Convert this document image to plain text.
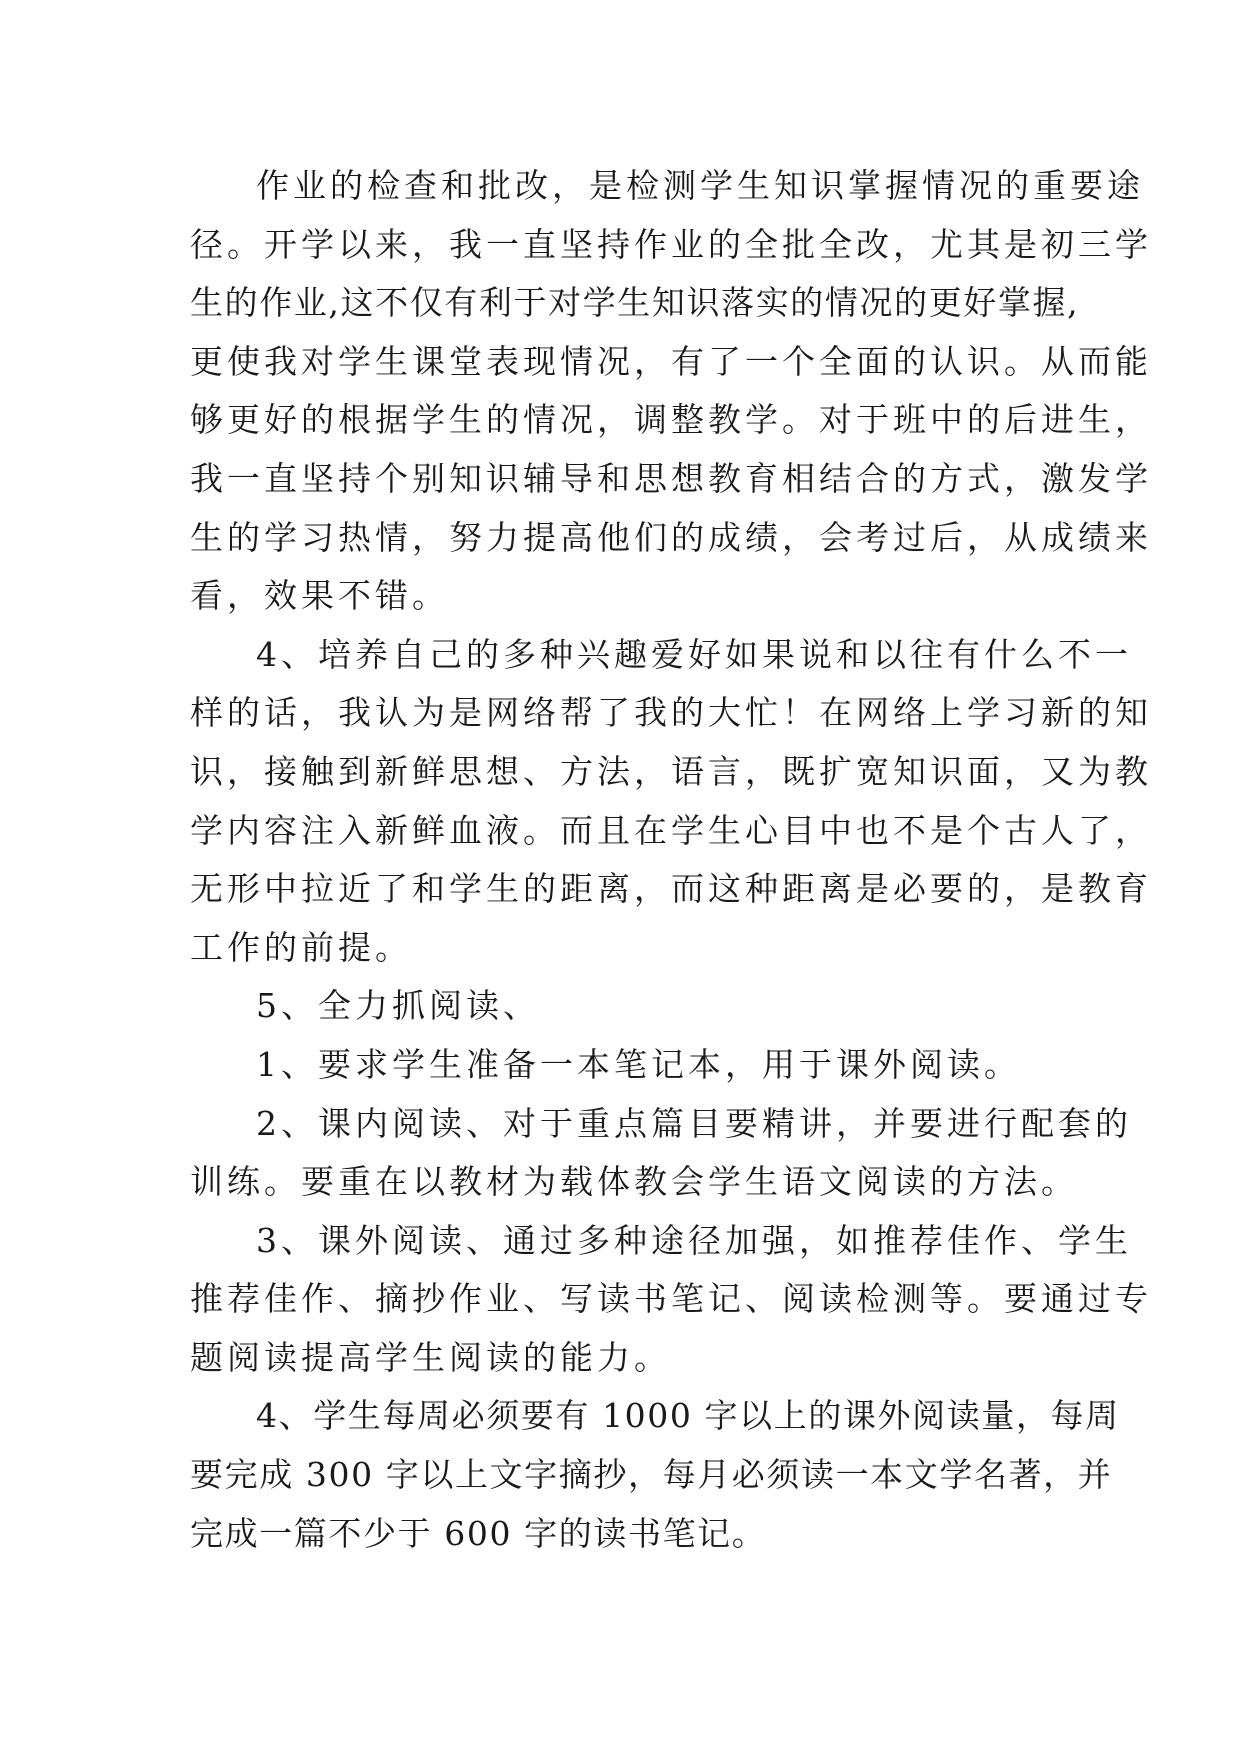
作业的检查和批改，是检测学生知识掌握情况的重要途
径。开学以来，我一直坚持作业的全批全改，尤其是初三学
生的作业,这不仅有利于对学生知识落实的情况的更好掌握,
更使我对学生课堂表现情况，有了一个全面的认识。从而能
够更好的根据学生的情况，调整教学。对于班中的后进生，
我一直坚持个别知识辅导和思想教育相结合的方式，激发学
生的学习热情，努力提高他们的成绩，会考过后，从成绩来
看，效果不错。
4、培养自己的多种兴趣爱好如果说和以往有什么不一
样的话，我认为是网络帮了我的大忙！在网络上学习新的知
识，接触到新鲜思想、方法，语言，既扩宽知识面，又为教
学内容注入新鲜血液。而且在学生心目中也不是个古人了，
无形中拉近了和学生的距离，而这种距离是必要的，是教育
工作的前提。
5、全力抓阅读、
1、要求学生准备一本笔记本，用于课外阅读。
2、课内阅读、对于重点篇目要精讲，并要进行配套的
训练。要重在以教材为载体教会学生语文阅读的方法。
3、课外阅读、通过多种途径加强，如推荐佳作、学生
推荐佳作、摘抄作业、写读书笔记、阅读检测等。要通过专
题阅读提高学生阅读的能力。
4、学生每周必须要有 1000 字以上的课外阅读量，每周
要完成 300 字以上文字摘抄，每月必须读一本文学名著，并
完成一篇不少于 600 字的读书笔记。
